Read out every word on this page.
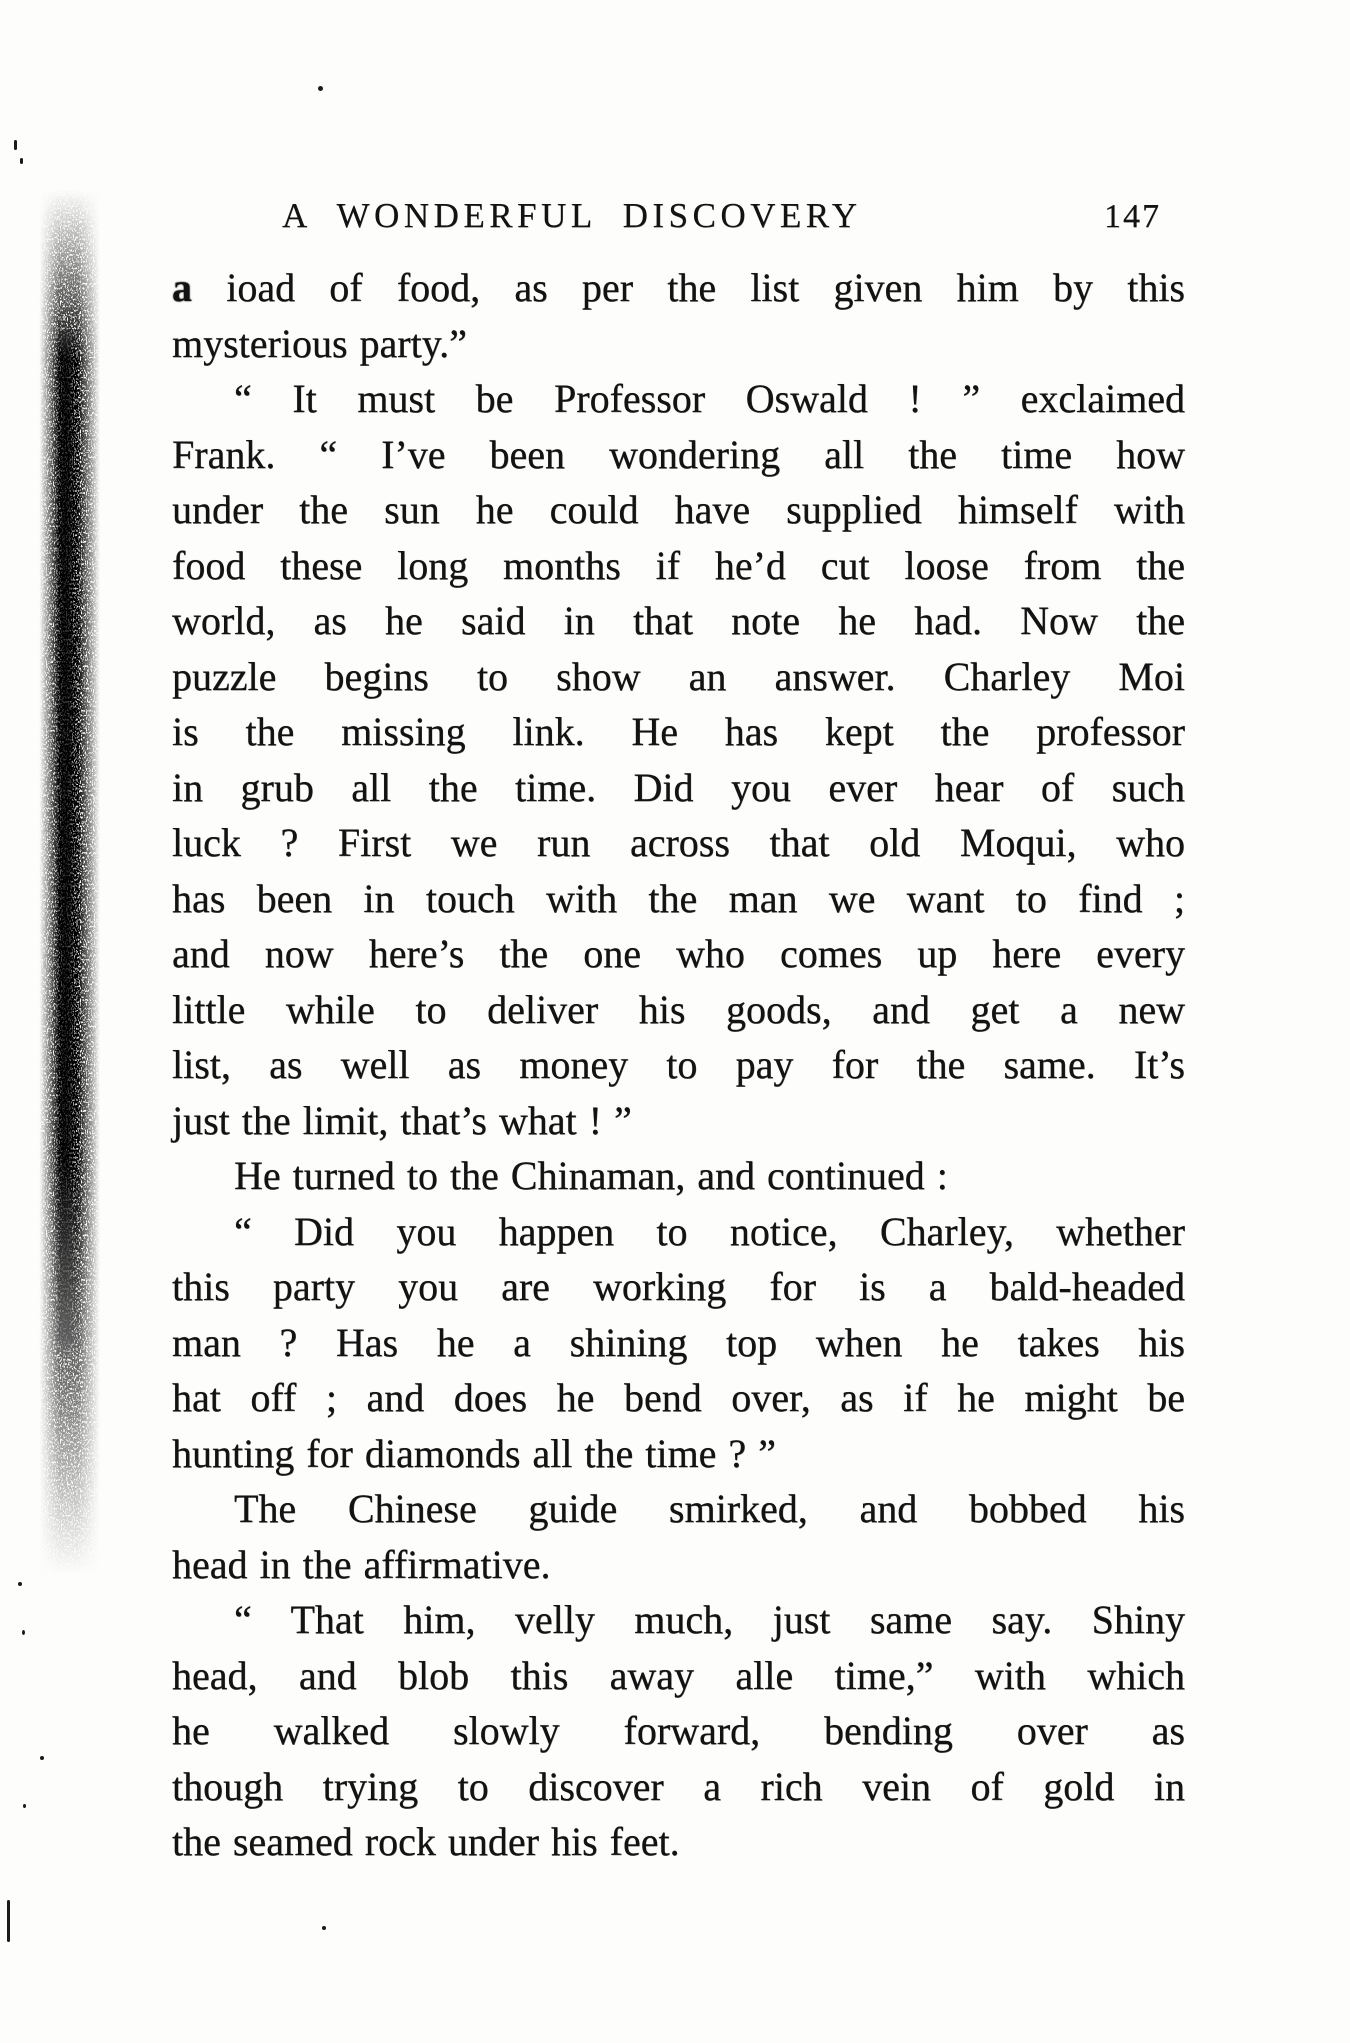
A WONDERFUL DISCOVERY	147
a ioad of food, as per the list given him by this
mysterious party.”
“ It must be Professor Oswald ! ” exclaimed
Frank. “ I’ve been wondering all the time how
under the sun he could have supplied himself with
food these long months if he’d cut loose from the
world, as he said in that note he had. Now the
puzzle begins to show an answer. Charley Moi
is the missing link. He has kept the professor
in grub all the time. Did you ever hear of such
luck ? First we run across that old Moqui, who
has been in touch with the man we want to find ;
and now here’s the one who comes up here every
little while to deliver his goods, and get a new
list, as well as money to pay for the same. It’s
just the limit, that’s what ! ”
He turned to the Chinaman, and continued :
“ Did you happen to notice, Charley, whether
this party you are working for is a bald-headed
man ? Has he a shining top when he takes his
hat off ; and does he bend over, as if he might be
hunting for diamonds all the time ? ”
The Chinese guide smirked, and bobbed his
head in the affirmative.
“ That him, velly much, just same say. Shiny
head, and blob this away alle time,” with which
he walked slowly forward, bending over as
though trying to discover a rich vein of gold in
the seamed rock under his feet.
